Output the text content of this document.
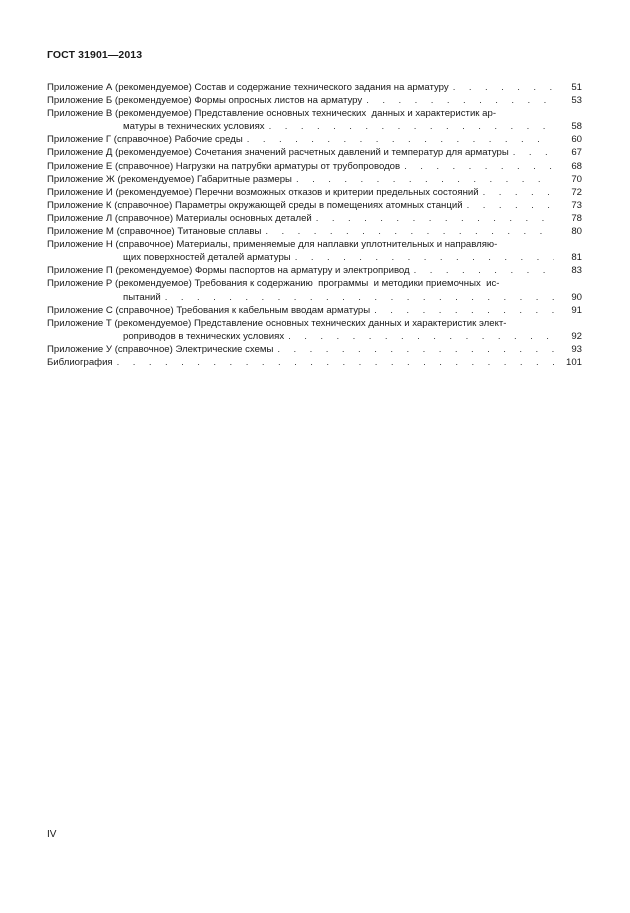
ГОСТ 31901—2013
Приложение А (рекомендуемое) Состав и содержание технического задания на арматуру . . .	51
Приложение Б (рекомендуемое) Формы опросных листов на арматуру . . .	53
Приложение В (рекомендуемое) Представление основных технических  данных и характеристик ар-
матуры в технических условиях . . .	58
Приложение Г (справочное) Рабочие среды . . .	60
Приложение Д (рекомендуемое) Сочетания значений расчетных давлений и температур для арматуры . . .	67
Приложение Е (справочное) Нагрузки на патрубки арматуры от трубопроводов . . .	68
Приложение Ж (рекомендуемое) Габаритные размеры . . .	70
Приложение И (рекомендуемое) Перечни возможных отказов и критерии предельных состояний . . .	72
Приложение К (справочное) Параметры окружающей среды в помещениях атомных станций . . .	73
Приложение Л (справочное) Материалы основных деталей . . .	78
Приложение М (справочное) Титановые сплавы . . .	80
Приложение Н (справочное) Материалы, применяемые для наплавки уплотнительных и направляю-
щих поверхностей деталей арматуры . . .	81
Приложение П (рекомендуемое) Формы паспортов на арматуру и электропривод . . .	83
Приложение Р (рекомендуемое) Требования к содержанию  программы  и методики приемочных  ис-
пытаний . . .	90
Приложение С (справочное) Требования к кабельным вводам арматуры . . .	91
Приложение Т (рекомендуемое) Представление основных технических данных и характеристик элект-
роприводов в технических условиях . . .	92
Приложение У (справочное) Электрические схемы . . .	93
Библиография . . .	101
IV
